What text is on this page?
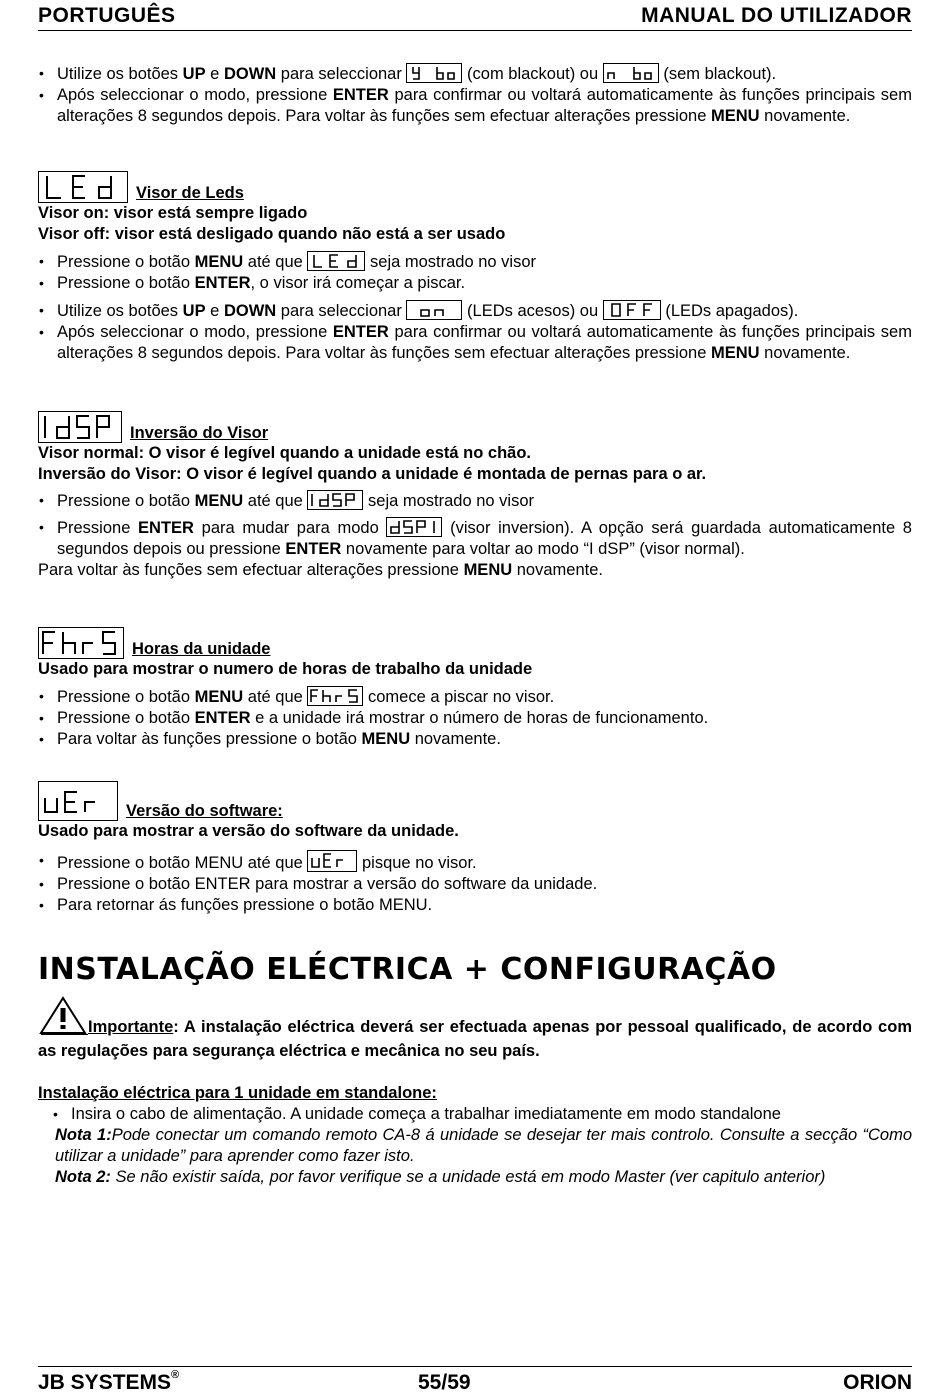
PORTUGUÊS	MANUAL DO UTILIZADOR
• Utilize os botões UP e DOWN para seleccionar	(com blackout) ou	(sem blackout).
• Após seleccionar o modo, pressione ENTER para confirmar ou voltará automaticamente às funções principais sem alterações 8 segundos depois. Para voltar às funções sem efectuar alterações pressione MENU novamente.
Visor de Leds
Visor on: visor está sempre ligado
Visor off: visor está desligado quando não está a ser usado
• Pressione o botão MENU até que	seja mostrado no visor
• Pressione o botão ENTER, o visor irá começar a piscar.
• Utilize os botões UP e DOWN para seleccionar	(LEDs acesos) ou	(LEDs apagados).
• Após seleccionar o modo, pressione ENTER para confirmar ou voltará automaticamente às funções principais sem alterações 8 segundos depois. Para voltar às funções sem efectuar alterações pressione MENU novamente.
Inversão do Visor
Visor normal: O visor é legível quando a unidade está no chão.
Inversão do Visor: O visor é legível quando a unidade é montada de pernas para o ar.
• Pressione o botão MENU até que	seja mostrado no visor
• Pressione ENTER para mudar para modo	(visor inversion). A opção será guardada automaticamente 8 segundos depois ou pressione ENTER novamente para voltar ao modo “I dSP” (visor normal).
Para voltar às funções sem efectuar alterações pressione MENU novamente.
Horas da unidade
Usado para mostrar o numero de horas de trabalho da unidade
• Pressione o botão MENU até que	comece a piscar no visor.
• Pressione o botão ENTER e a unidade irá mostrar o número de horas de funcionamento.
• Para voltar às funções pressione o botão MENU novamente.
Versão do software:
Usado para mostrar a versão do software da unidade.
• Pressione o botão MENU até que	pisque no visor.
• Pressione o botão ENTER para mostrar a versão do software da unidade.
• Para retornar ás funções pressione o botão MENU.
INSTALAÇÃO ELÉCTRICA + CONFIGURAÇÃO
Importante: A instalação eléctrica deverá ser efectuada apenas por pessoal qualificado, de acordo com as regulações para segurança eléctrica e mecânica no seu país.
Instalação eléctrica para 1 unidade em standalone:
• Insira o cabo de alimentação. A unidade começa a trabalhar imediatamente em modo standalone
Nota 1:Pode conectar um comando remoto CA-8 á unidade se desejar ter mais controlo. Consulte a secção “Como utilizar a unidade” para aprender como fazer isto.
Nota 2: Se não existir saída, por favor verifique se a unidade está em modo Master (ver capitulo anterior)
JB SYSTEMS®	55/59	ORION
